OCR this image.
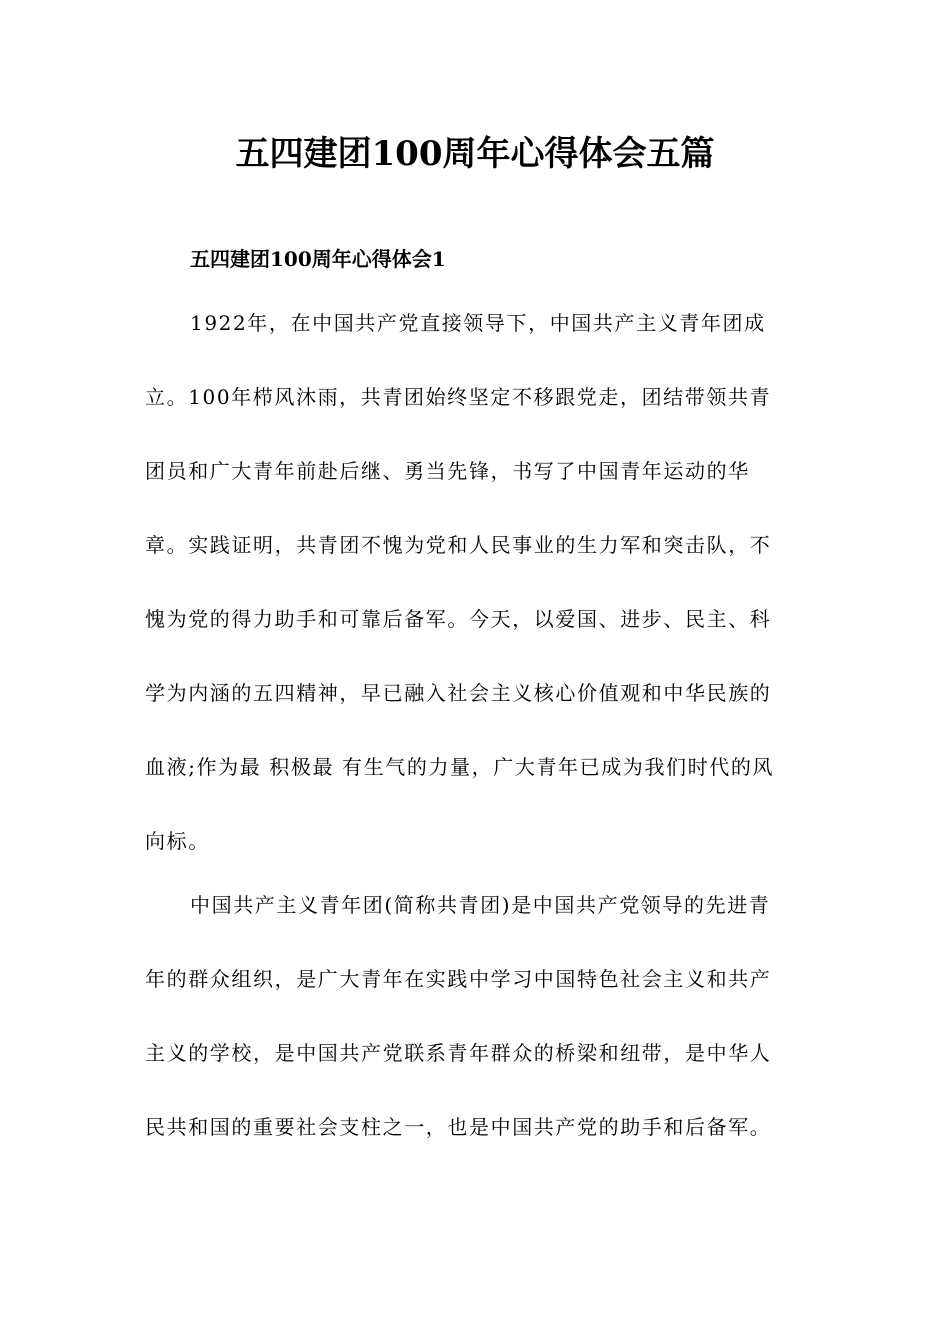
五四建团100周年心得体会五篇
五四建团100周年心得体会1
1922年，在中国共产党直接领导下，中国共产主义青年团成
立。100年栉风沐雨，共青团始终坚定不移跟党走，团结带领共青
团员和广大青年前赴后继、勇当先锋，书写了中国青年运动的华
章。实践证明，共青团不愧为党和人民事业的生力军和突击队，不
愧为党的得力助手和可靠后备军。今天，以爱国、进步、民主、科
学为内涵的五四精神，早已融入社会主义核心价值观和中华民族的
血液;作为最 积极最 有生气的力量，广大青年已成为我们时代的风
向标。
中国共产主义青年团(简称共青团)是中国共产党领导的先进青
年的群众组织，是广大青年在实践中学习中国特色社会主义和共产
主义的学校，是中国共产党联系青年群众的桥梁和纽带，是中华人
民共和国的重要社会支柱之一，也是中国共产党的助手和后备军。
